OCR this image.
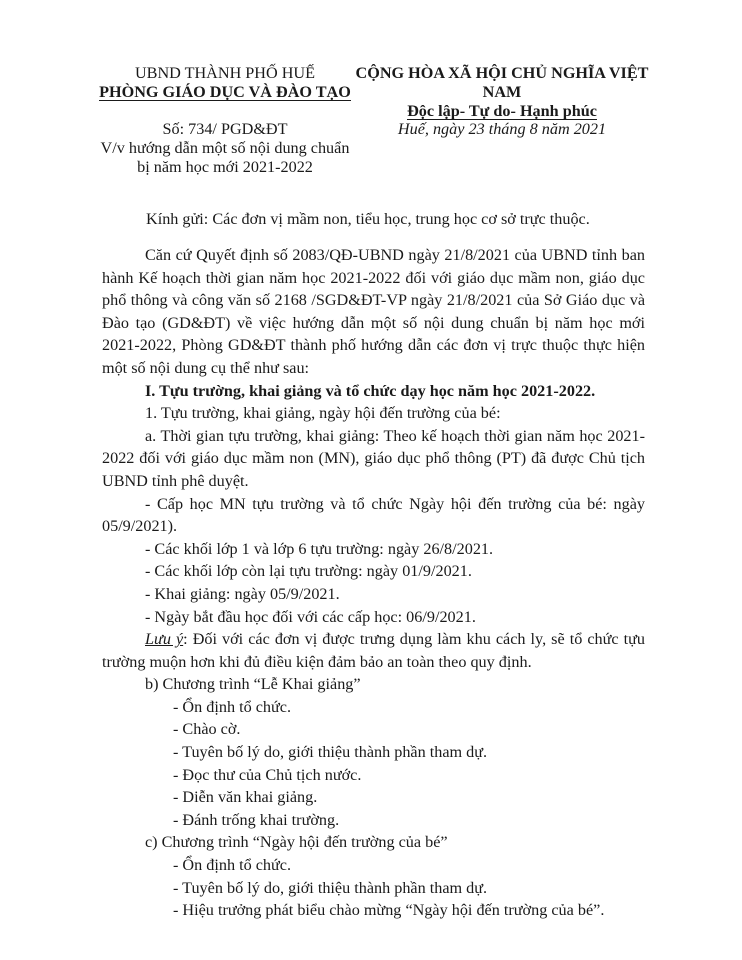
UBND THÀNH PHỐ HUẾ
PHÒNG GIÁO DỤC VÀ ĐÀO TẠO
CỘNG HÒA XÃ HỘI CHỦ NGHĨA VIỆT NAM
Độc lập- Tự do- Hạnh phúc
Số: 734/ PGD&ĐT
V/v hướng dẫn một số nội dung chuẩn
bị năm học mới 2021-2022
Huế, ngày 23 tháng 8 năm 2021
Kính gửi: Các đơn vị mầm non, tiểu học, trung học cơ sở trực thuộc.

Căn cứ Quyết định số 2083/QĐ-UBND ngày 21/8/2021 của UBND tỉnh ban

hành Kế hoạch thời gian năm học 2021-2022 đối với giáo dục mầm non, giáo dục

phổ thông và công văn số 2168 /SGD&ĐT-VP ngày 21/8/2021 của Sở Giáo dục và

Đào tạo (GD&ĐT) về việc hướng dẫn một số nội dung chuẩn bị năm học mới

2021-2022, Phòng GD&ĐT thành phố hướng dẫn các đơn vị trực thuộc thực hiện

một số nội dung cụ thể như sau:

I. Tựu trường, khai giảng và tổ chức dạy học năm học 2021-2022.

1. Tựu trường, khai giảng, ngày hội đến trường của bé:

a. Thời gian tựu trường, khai giảng: Theo kế hoạch thời gian năm học 2021-

2022 đối với giáo dục mầm non (MN), giáo dục phổ thông (PT) đã được Chủ tịch

UBND tỉnh phê duyệt.

- Cấp học MN tựu trường và tổ chức Ngày hội đến trường của bé: ngày

05/9/2021).

- Các khối lớp 1 và lớp 6 tựu trường: ngày 26/8/2021.

- Các khối lớp còn lại tựu trường: ngày 01/9/2021.

- Khai giảng: ngày 05/9/2021.

- Ngày bắt đầu học đối với các cấp học: 06/9/2021.

Lưu ý: Đối với các đơn vị được trưng dụng làm khu cách ly, sẽ tổ chức tựu

trường muộn hơn khi đủ điều kiện đảm bảo an toàn theo quy định.

b) Chương trình “Lễ Khai giảng”

- Ổn định tổ chức.

- Chào cờ.

- Tuyên bố lý do, giới thiệu thành phần tham dự.

- Đọc thư của Chủ tịch nước.

- Diễn văn khai giảng.

- Đánh trống khai trường.

c) Chương trình “Ngày hội đến trường của bé”

- Ổn định tổ chức.

- Tuyên bố lý do, giới thiệu thành phần tham dự.

- Hiệu trưởng phát biểu chào mừng “Ngày hội đến trường của bé”.
